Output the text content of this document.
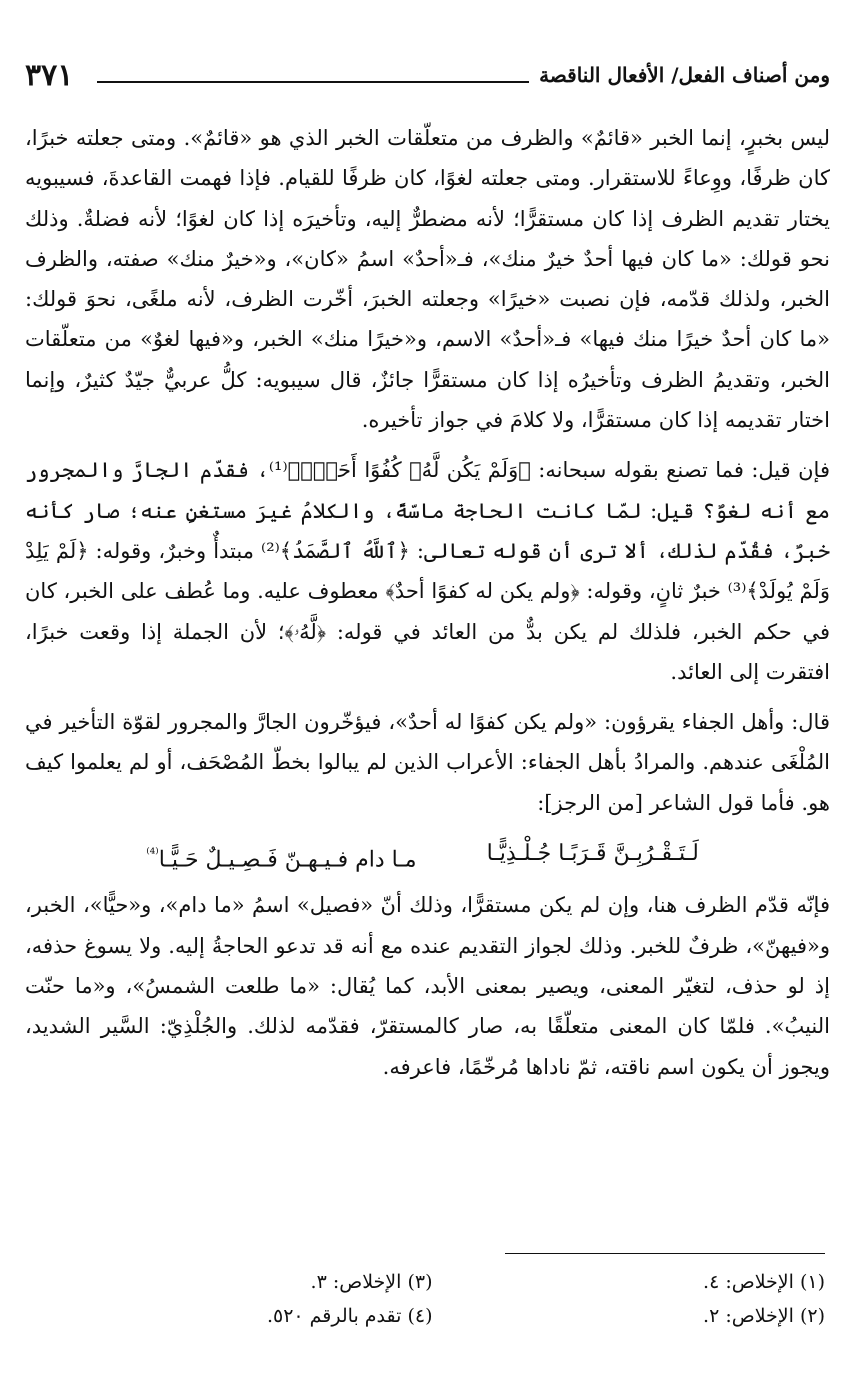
٣٧١	ومن أصناف الفعل/ الأفعال الناقصة

ليس بخبرٍ، إنما الخبر «قائمٌ» والظرف من متعلّقات الخبر الذي هو «قائمٌ». ومتى جعلته خبرًا، كان ظرفًا، ووِعاءً للاستقرار. ومتى جعلته لغوًا، كان ظرفًا للقيام. فإذا فهمت القاعدةَ، فسيبويه يختار تقديم الظرف إذا كان مستقرًّا؛ لأنه مضطرٌّ إليه، وتأخيرَه إذا كان لغوًا؛ لأنه فضلةٌ. وذلك نحو قولك: «ما كان فيها أحدٌ خيرٌ منك»، فـ«أحدٌ» اسمُ «كان»، و«خيرٌ منك» صفته، والظرف الخبر، ولذلك قدّمه، فإن نصبت «خيرًا» وجعلته الخبرَ، أخّرت الظرف، لأنه ملغًى، نحوَ قولك: «ما كان أحدٌ خيرًا منك فيها» فـ«أحدٌ» الاسم، و«خيرًا منك» الخبر، و«فيها لغوٌ» من متعلّقات الخبر، وتقديمُ الظرف وتأخيرُه إذا كان مستقرًّا جائزٌ، قال سيبويه: كلُّ عربيٌّ جيّدٌ كثيرٌ، وإنما اختار تقديمه إذا كان مستقرًّا، ولا كلامَ في جواز تأخيره.

فإن قيل: فما تصنع بقوله سبحانه: ﴿وَلَمْ يَكُن لَّهُۥ كُفُوًا أَحَدٌۢ﴾⁽¹⁾، فقدّم الجارَّ والمجرور مع أنه لغوٌ؟ قيل: لمّا كانت الحاجة ماسّةً، والكلامُ غيرَ مستغنٍ عنه؛ صار كأنه خبرٌ، فقُدّم لذلك، ألا ترى أن قوله تعالى: ﴿ٱللَّهُ ٱلصَّمَدُ﴾⁽²⁾ مبتدأٌ وخبرٌ، وقوله: ﴿لَمْ يَلِدْ وَلَمْ يُولَدْ﴾⁽³⁾ خبرٌ ثانٍ، وقوله: ﴿ولم يكن له كفوًا أحدٌ﴾ معطوف عليه. وما عُطف على الخبر، كان في حكم الخبر، فلذلك لم يكن بدٌّ من العائد في قوله: ﴿لَّهُۥ﴾؛ لأن الجملة إذا وقعت خبرًا، افتقرت إلى العائد.

قال: وأهل الجفاء يقرؤون: «ولم يكن كفوًا له أحدٌ»، فيؤخّرون الجارَّ والمجرور لقوّة التأخير في المُلْغَى عندهم. والمرادُ بأهل الجفاء: الأعراب الذين لم يبالوا بخطّ المُصْحَف، أو لم يعلموا كيف هو. فأما قول الشاعر [من الرجز]:

لَـتَـقْـرُبِـنَّ قَـرَبًـا جُـلْـذِيًّـا
مـا دام فـيـهـنّ فَـصِـيـلٌ حَـيًّـا$^{^{(4)}}$

فإنّه قدّم الظرف هنا، وإن لم يكن مستقرًّا، وذلك أنّ «فصيل» اسمُ «ما دام»، و«حيًّا»، الخبر، و«فيهنّ»، ظرفٌ للخبر. وذلك لجواز التقديم عنده مع أنه قد تدعو الحاجةُ إليه. ولا يسوغ حذفه، إذ لو حذف، لتغيّر المعنى، ويصير بمعنى الأبد، كما يُقال: «ما طلعت الشمسُ»، و«ما حنّت النيبُ». فلمّا كان المعنى متعلّقًا به، صار كالمستقرّ، فقدّمه لذلك. والجُلْذِيّ: السَّير الشديد، ويجوز أن يكون اسم ناقته، ثمّ ناداها مُرخّمًا، فاعرفه.

(١) الإخلاص: ٤.
(٣) الإخلاص: ٣.
(٢) الإخلاص: ٢.
(٤) تقدم بالرقم ٥٢٠.
